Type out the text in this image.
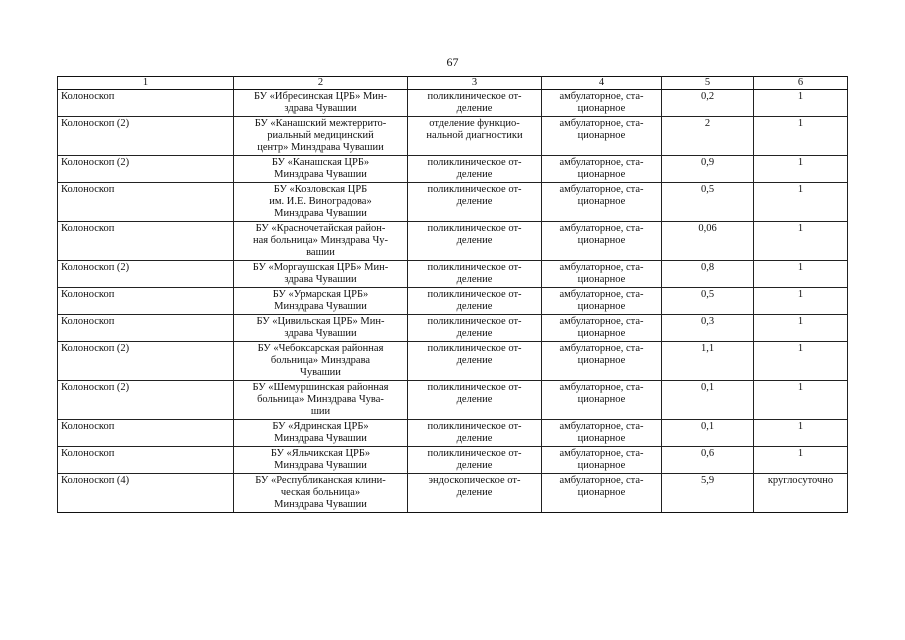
67
1	2	3	4	5	6
Колоноскоп	БУ «Ибресинская ЦРБ» Мин-
здрава Чувашии	поликлиническое от-
деление	амбулаторное, ста-
ционарное	0,2	1
Колоноскоп (2)	БУ «Канашский межтеррито-
риальный медицинский
центр» Минздрава Чувашии	отделение функцио-
нальной диагностики	амбулаторное, ста-
ционарное	2	1
Колоноскоп (2)	БУ «Канашская ЦРБ»
Минздрава Чувашии	поликлиническое от-
деление	амбулаторное, ста-
ционарное	0,9	1
Колоноскоп	БУ «Козловская ЦРБ
им. И.Е. Виноградова»
Минздрава Чувашии	поликлиническое от-
деление	амбулаторное, ста-
ционарное	0,5	1
Колоноскоп	БУ «Красночетайская район-
ная больница» Минздрава Чу-
вашии	поликлиническое от-
деление	амбулаторное, ста-
ционарное	0,06	1
Колоноскоп (2)	БУ «Моргаушская ЦРБ» Мин-
здрава Чувашии	поликлиническое от-
деление	амбулаторное, ста-
ционарное	0,8	1
Колоноскоп	БУ «Урмарская ЦРБ»
Минздрава Чувашии	поликлиническое от-
деление	амбулаторное, ста-
ционарное	0,5	1
Колоноскоп	БУ «Цивильская ЦРБ» Мин-
здрава Чувашии	поликлиническое от-
деление	амбулаторное, ста-
ционарное	0,3	1
Колоноскоп (2)	БУ «Чебоксарская районная
больница» Минздрава
Чувашии	поликлиническое от-
деление	амбулаторное, ста-
ционарное	1,1	1
Колоноскоп (2)	БУ «Шемуршинская районная
больница» Минздрава Чува-
шии	поликлиническое от-
деление	амбулаторное, ста-
ционарное	0,1	1
Колоноскоп	БУ «Ядринская ЦРБ»
Минздрава Чувашии	поликлиническое от-
деление	амбулаторное, ста-
ционарное	0,1	1
Колоноскоп	БУ «Яльчикская ЦРБ»
Минздрава Чувашии	поликлиническое от-
деление	амбулаторное, ста-
ционарное	0,6	1
Колоноскоп (4)	БУ «Республиканская клини-
ческая больница»
Минздрава Чувашии	эндоскопическое от-
деление	амбулаторное, ста-
ционарное	5,9	круглосуточно
